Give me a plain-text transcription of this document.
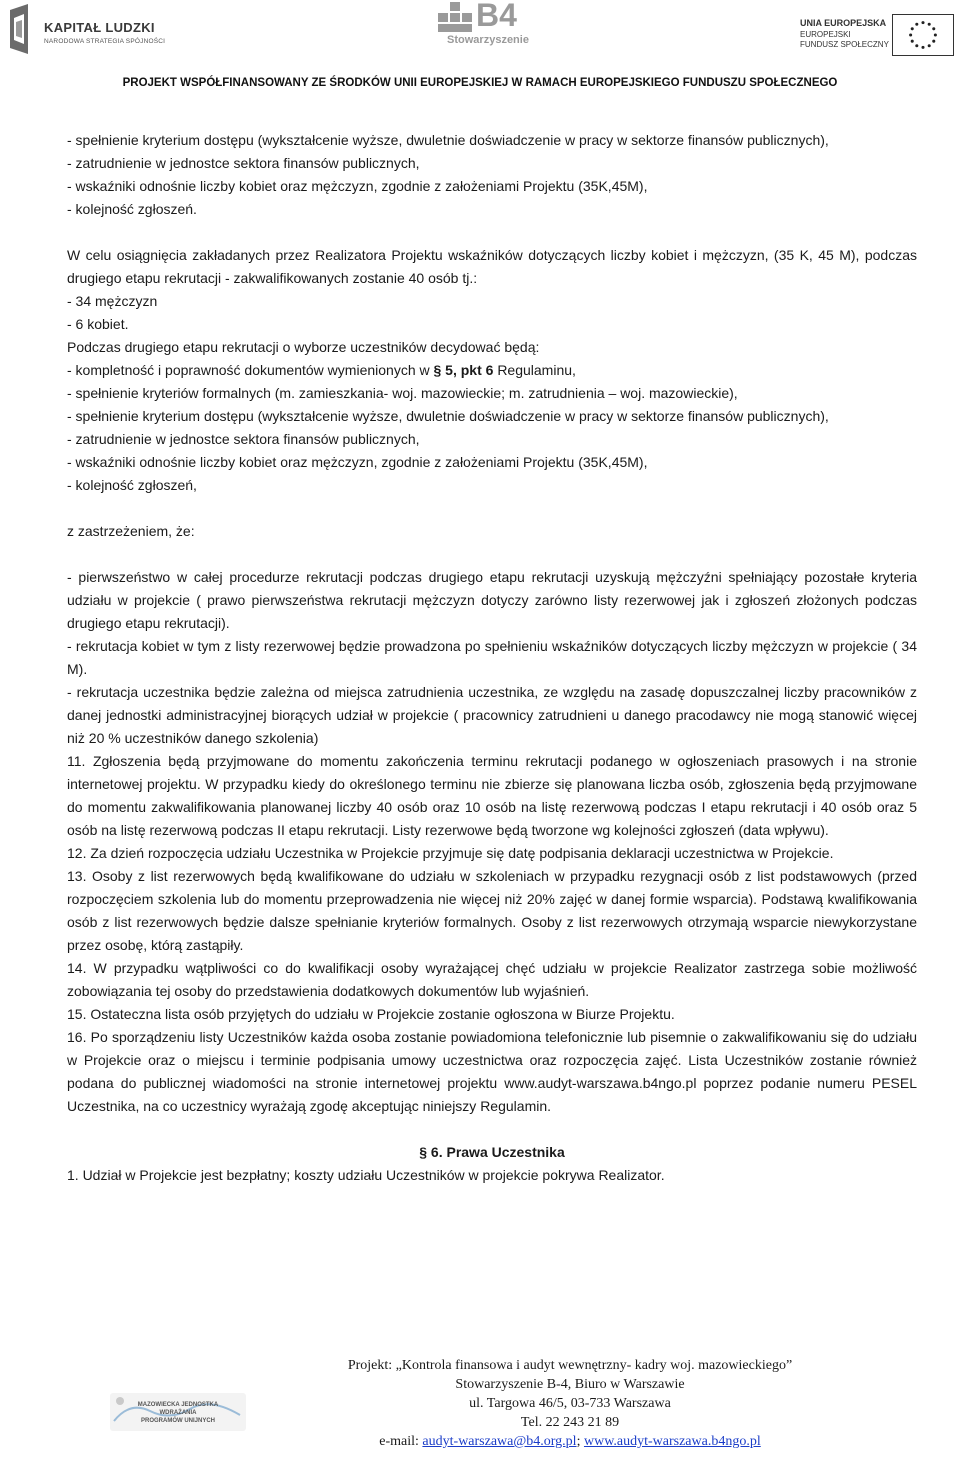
KAPITAŁ LUDZKI
NARODOWA STRATEGIA SPÓJNOŚCI
B4
Stowarzyszenie
UNIA EUROPEJSKA
EUROPEJSKI
FUNDUSZ SPOŁECZNY
PROJEKT WSPÓŁFINANSOWANY ZE ŚRODKÓW UNII EUROPEJSKIEJ W RAMACH EUROPEJSKIEGO FUNDUSZU SPOŁECZNEGO

- spełnienie kryterium dostępu (wykształcenie wyższe, dwuletnie doświadczenie w pracy w sektorze finansów publicznych),

- zatrudnienie w jednostce sektora finansów publicznych,

- wskaźniki odnośnie liczby kobiet oraz mężczyzn, zgodnie z założeniami Projektu (35K,45M),

- kolejność zgłoszeń.

W celu osiągnięcia zakładanych przez Realizatora Projektu wskaźników dotyczących liczby kobiet i mężczyzn, (35 K, 45 M), podczas drugiego etapu rekrutacji - zakwalifikowanych zostanie 40 osób tj.:

- 34 mężczyzn

- 6 kobiet.

Podczas drugiego etapu rekrutacji o wyborze uczestników decydować będą:

- kompletność i poprawność dokumentów wymienionych w § 5, pkt 6 Regulaminu,

- spełnienie kryteriów formalnych (m. zamieszkania- woj. mazowieckie; m. zatrudnienia – woj. mazowieckie),

- spełnienie kryterium dostępu (wykształcenie wyższe, dwuletnie doświadczenie w pracy w sektorze finansów publicznych),

- zatrudnienie w jednostce sektora finansów publicznych,

- wskaźniki odnośnie liczby kobiet oraz mężczyzn, zgodnie z założeniami Projektu (35K,45M),

- kolejność zgłoszeń,

z zastrzeżeniem, że:

- pierwszeństwo w całej procedurze rekrutacji podczas drugiego etapu rekrutacji uzyskują mężczyźni spełniający pozostałe kryteria udziału w projekcie ( prawo pierwszeństwa rekrutacji mężczyzn dotyczy zarówno listy rezerwowej jak i zgłoszeń złożonych podczas drugiego etapu rekrutacji).

- rekrutacja kobiet w tym z listy rezerwowej będzie prowadzona po spełnieniu wskaźników dotyczących liczby mężczyzn w projekcie ( 34 M).

- rekrutacja uczestnika będzie zależna od miejsca zatrudnienia uczestnika, ze względu na zasadę dopuszczalnej liczby pracowników z danej jednostki administracyjnej biorących udział w projekcie ( pracownicy zatrudnieni u danego pracodawcy nie mogą stanowić więcej niż 20 % uczestników danego szkolenia)

11. Zgłoszenia będą przyjmowane do momentu zakończenia terminu rekrutacji podanego w ogłoszeniach prasowych i na stronie internetowej projektu. W przypadku kiedy do określonego terminu nie zbierze się planowana liczba osób, zgłoszenia będą przyjmowane do momentu zakwalifikowania planowanej liczby 40 osób oraz 10 osób na listę rezerwową podczas I etapu rekrutacji i 40 osób oraz 5 osób na listę rezerwową podczas II etapu rekrutacji. Listy rezerwowe będą tworzone wg kolejności zgłoszeń (data wpływu).

12. Za dzień rozpoczęcia udziału Uczestnika w Projekcie przyjmuje się datę podpisania deklaracji uczestnictwa w Projekcie.

13. Osoby z list rezerwowych będą kwalifikowane do udziału w szkoleniach w przypadku rezygnacji osób z list podstawowych (przed rozpoczęciem szkolenia lub do momentu przeprowadzenia nie więcej niż 20% zajęć w danej formie wsparcia). Podstawą kwalifikowania osób z list rezerwowych będzie dalsze spełnianie kryteriów formalnych. Osoby z list rezerwowych otrzymają wsparcie niewykorzystane przez osobę, którą zastąpiły.

14. W przypadku wątpliwości co do kwalifikacji osoby wyrażającej chęć udziału w projekcie Realizator zastrzega sobie możliwość zobowiązania tej osoby do przedstawienia dodatkowych dokumentów lub wyjaśnień.

15. Ostateczna lista osób przyjętych do udziału w Projekcie zostanie ogłoszona w Biurze Projektu.

16. Po sporządzeniu listy Uczestników każda osoba zostanie powiadomiona telefonicznie lub pisemnie o zakwalifikowaniu się do udziału w Projekcie oraz o miejscu i terminie podpisania umowy uczestnictwa oraz rozpoczęcia zajęć. Lista Uczestników zostanie również podana do publicznej wiadomości na stronie internetowej projektu www.audyt-warszawa.b4ngo.pl poprzez podanie numeru PESEL Uczestnika, na co uczestnicy wyrażają zgodę akceptując niniejszy Regulamin.

§ 6. Prawa Uczestnika

1. Udział w Projekcie jest bezpłatny; koszty udziału Uczestników w projekcie pokrywa Realizator.

MAZOWIECKA JEDNOSTKA
WDRAŻANIA
PROGRAMÓW UNIJNYCH
Projekt: „Kontrola finansowa i audyt wewnętrzny- kadry woj. mazowieckiego”
Stowarzyszenie B-4, Biuro w Warszawie
ul. Targowa 46/5, 03-733 Warszawa
Tel. 22 243 21 89
e-mail: audyt-warszawa@b4.org.pl; www.audyt-warszawa.b4ngo.pl
